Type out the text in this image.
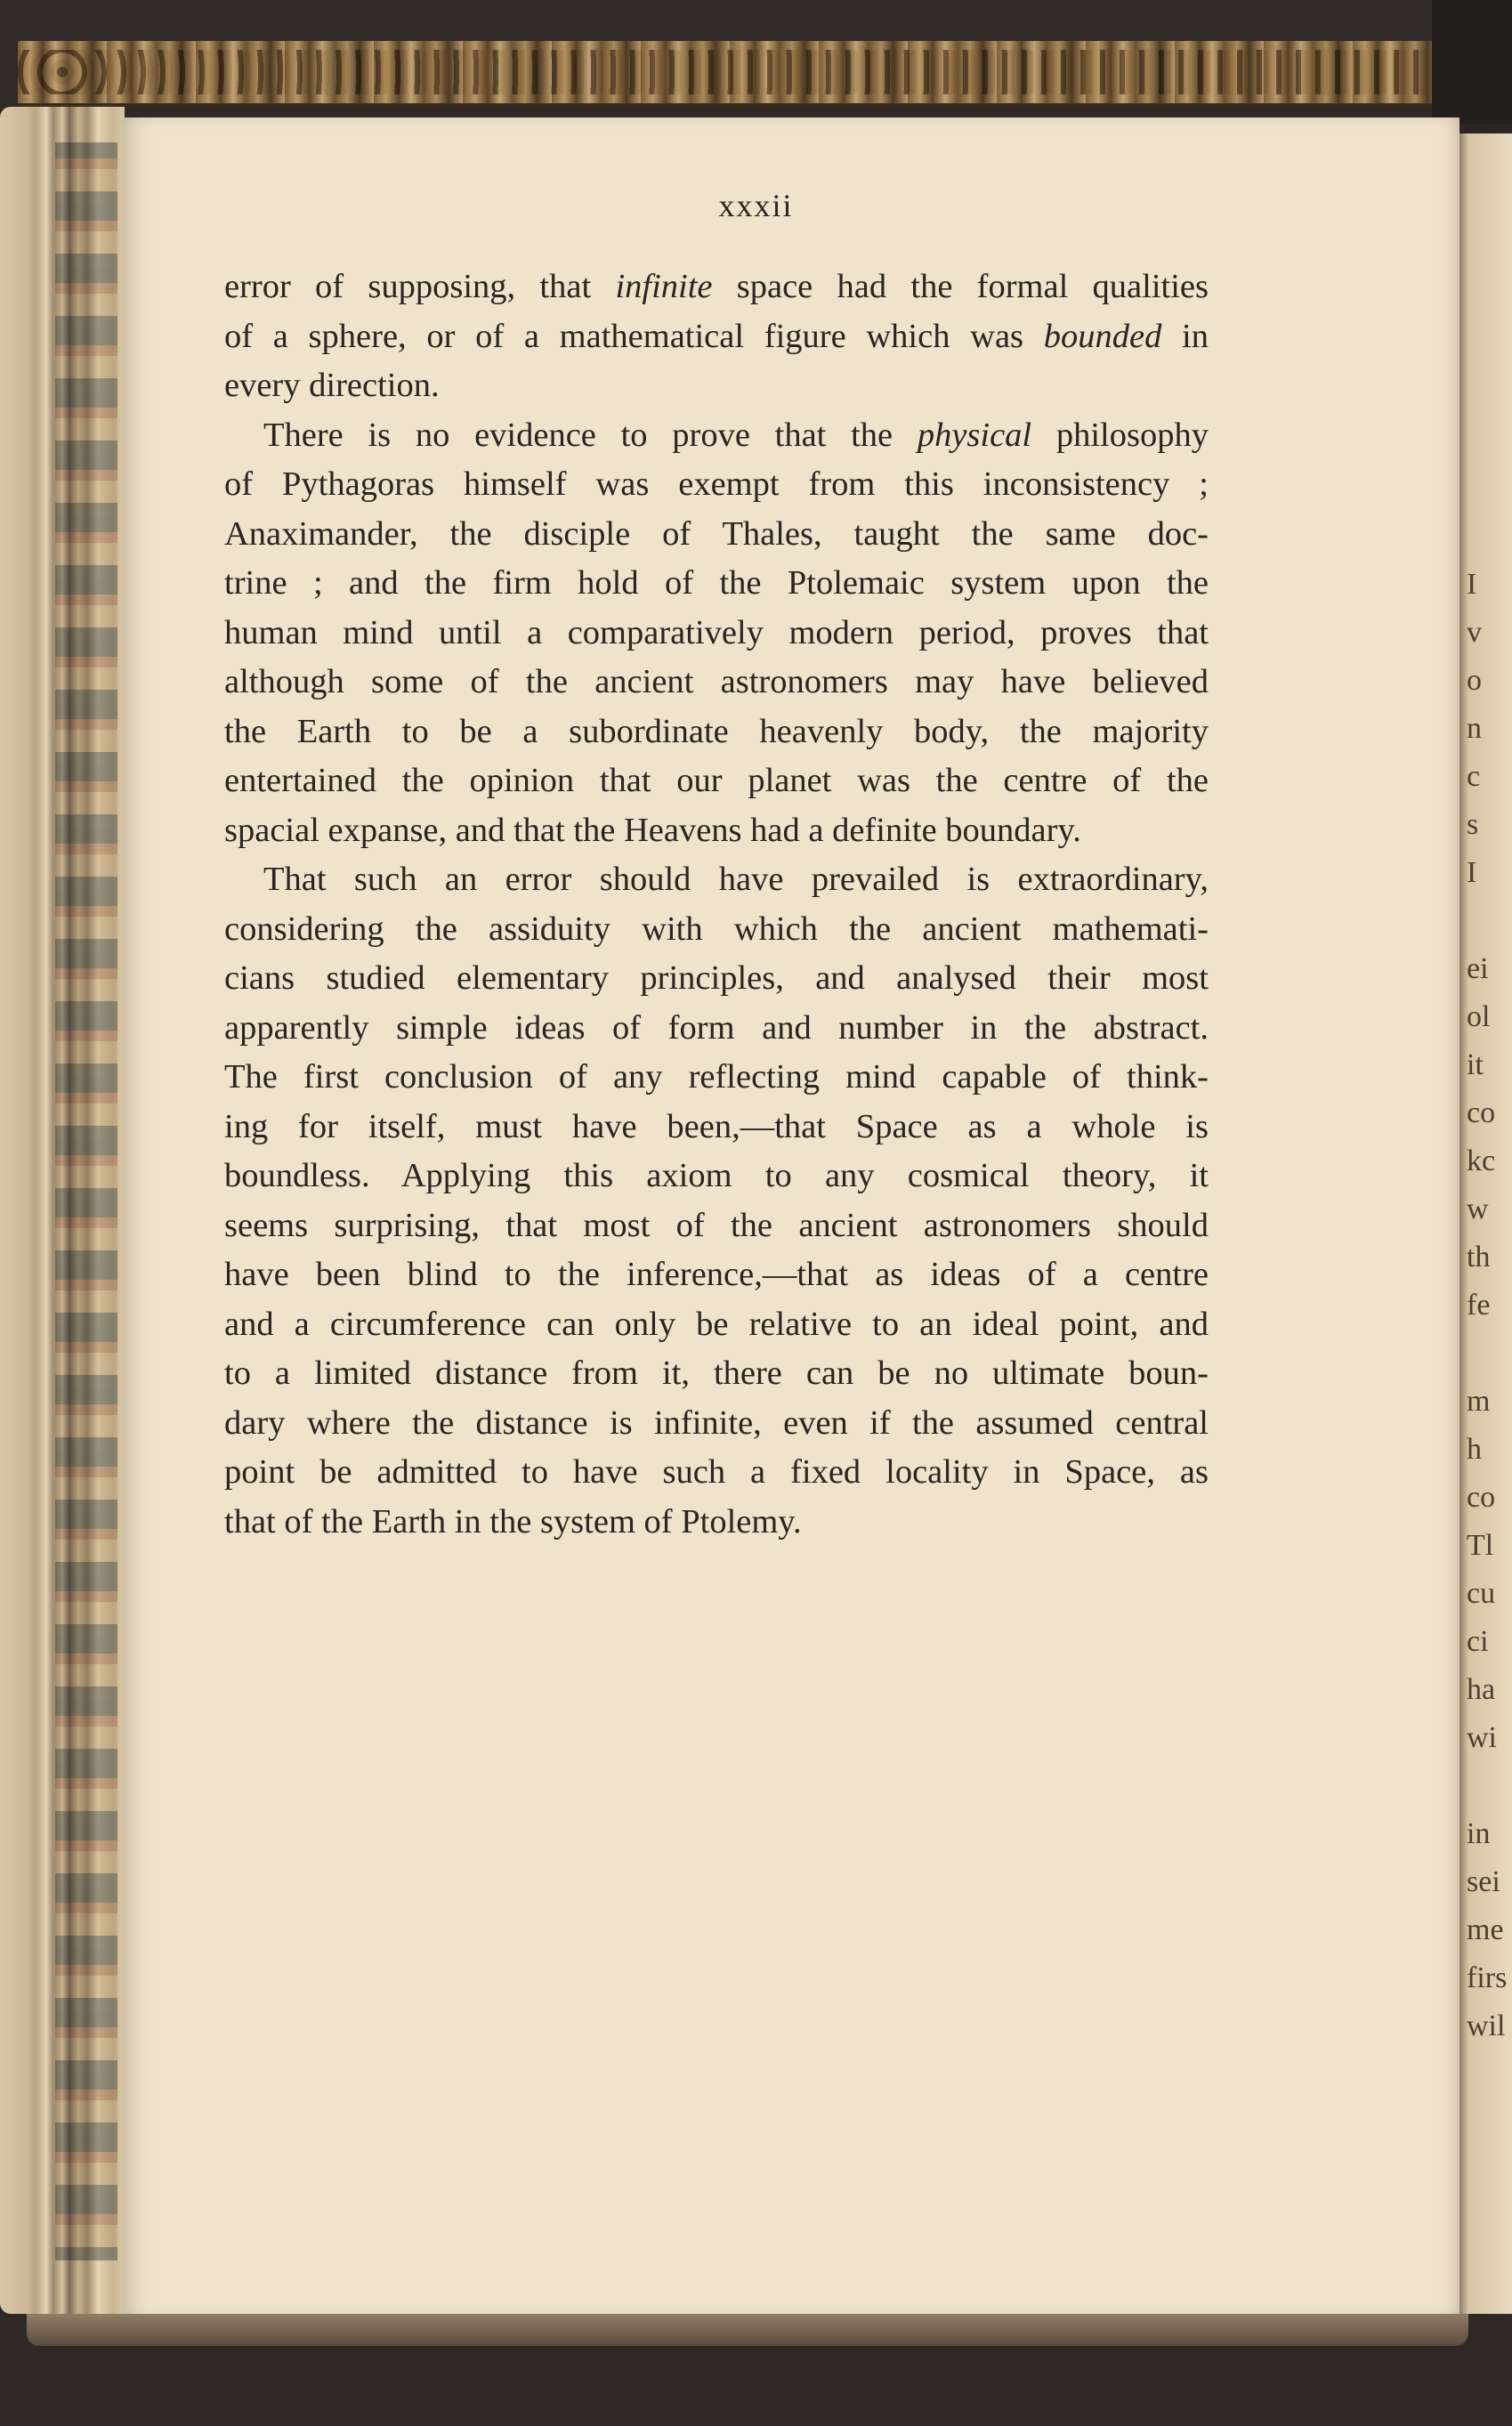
I
v
o
n
c
s
I

ei
ol
it
co
kc
w
th
fe

m
h
co
Tl
cu
ci
ha
wi

in
sei
me
firs
wil
xxxii

error of supposing, that infinite space had the formal qualities
of a sphere, or of a mathematical figure which was bounded in
every direction.

There is no evidence to prove that the physical philosophy
of Pythagoras himself was exempt from this inconsistency ;
Anaximander, the disciple of Thales, taught the same doc-
trine ; and the firm hold of the Ptolemaic system upon the
human mind until a comparatively modern period, proves that
although some of the ancient astronomers may have believed
the Earth to be a subordinate heavenly body, the majority
entertained the opinion that our planet was the centre of the
spacial expanse, and that the Heavens had a definite boundary.

That such an error should have prevailed is extraordinary,
considering the assiduity with which the ancient mathemati-
cians studied elementary principles, and analysed their most
apparently simple ideas of form and number in the abstract.
The first conclusion of any reflecting mind capable of think-
ing for itself, must have been,—that Space as a whole is
boundless. Applying this axiom to any cosmical theory, it
seems surprising, that most of the ancient astronomers should
have been blind to the inference,—that as ideas of a centre
and a circumference can only be relative to an ideal point, and
to a limited distance from it, there can be no ultimate boun-
dary where the distance is infinite, even if the assumed central
point be admitted to have such a fixed locality in Space, as
that of the Earth in the system of Ptolemy.
